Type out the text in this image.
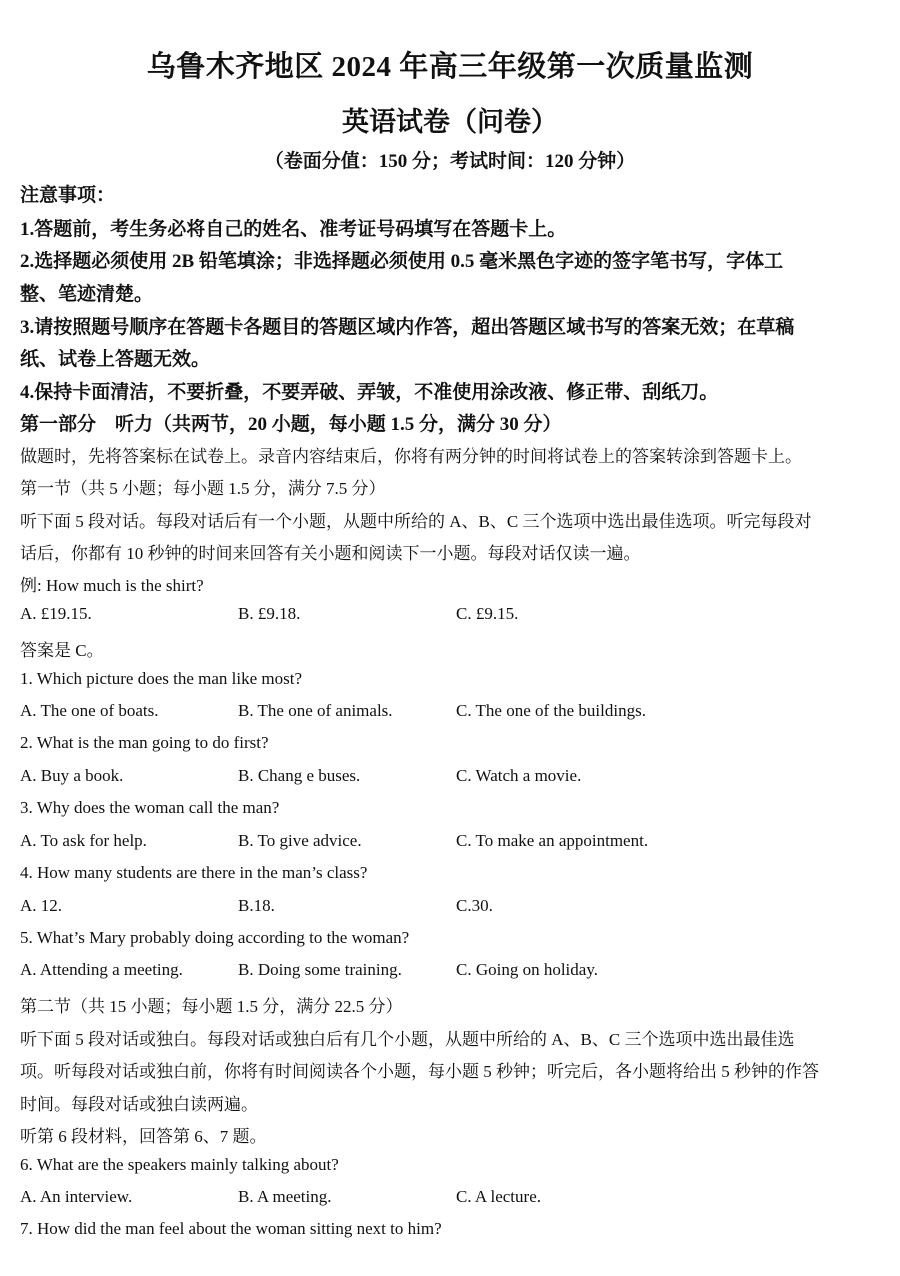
乌鲁木齐地区 2024 年高三年级第一次质量监测
英语试卷（问卷）
（卷面分值：150 分；考试时间：120 分钟）

注意事项：

1.答题前，考生务必将自己的姓名、准考证号码填写在答题卡上。

2.选择题必须使用 2B 铅笔填涂；非选择题必须使用 0.5 毫米黑色字迹的签字笔书写，字体工

整、笔迹清楚。

3.请按照题号顺序在答题卡各题目的答题区域内作答，超出答题区域书写的答案无效；在草稿

纸、试卷上答题无效。

4.保持卡面清洁，不要折叠，不要弄破、弄皱，不准使用涂改液、修正带、刮纸刀。

第一部分　听力（共两节，20 小题，每小题 1.5 分，满分 30 分）

做题时，先将答案标在试卷上。录音内容结束后，你将有两分钟的时间将试卷上的答案转涂到答题卡上。

第一节（共 5 小题；每小题 1.5 分，满分 7.5 分）

听下面 5 段对话。每段对话后有一个小题，从题中所给的 A、B、C 三个选项中选出最佳选项。听完每段对

话后，你都有 10 秒钟的时间来回答有关小题和阅读下一小题。每段对话仅读一遍。

例: How much is the shirt?

A. £19.15.	B. £9.18.	C. £9.15.

答案是 C。

1. Which picture does the man like most?

A. The one of boats.	B. The one of animals.	C. The one of the buildings.

2. What is the man going to do first?

A. Buy a book.	B. Chang e buses.	C. Watch a movie.

3. Why does the woman call the man?

A. To ask for help.	B. To give advice.	C. To make an appointment.

4. How many students are there in the man’s class?

A. 12.	B.18.	C.30.

5. What’s Mary probably doing according to the woman?

A. Attending a meeting.	B. Doing some training.	C. Going on holiday.

第二节（共 15 小题；每小题 1.5 分，满分 22.5 分）

听下面 5 段对话或独白。每段对话或独白后有几个小题，从题中所给的 A、B、C 三个选项中选出最佳选

项。听每段对话或独白前，你将有时间阅读各个小题，每小题 5 秒钟；听完后，各小题将给出 5 秒钟的作答

时间。每段对话或独白读两遍。

听第 6 段材料，回答第 6、7 题。

6. What are the speakers mainly talking about?

A. An interview.	B. A meeting.	C. A lecture.

7. How did the man feel about the woman sitting next to him?
